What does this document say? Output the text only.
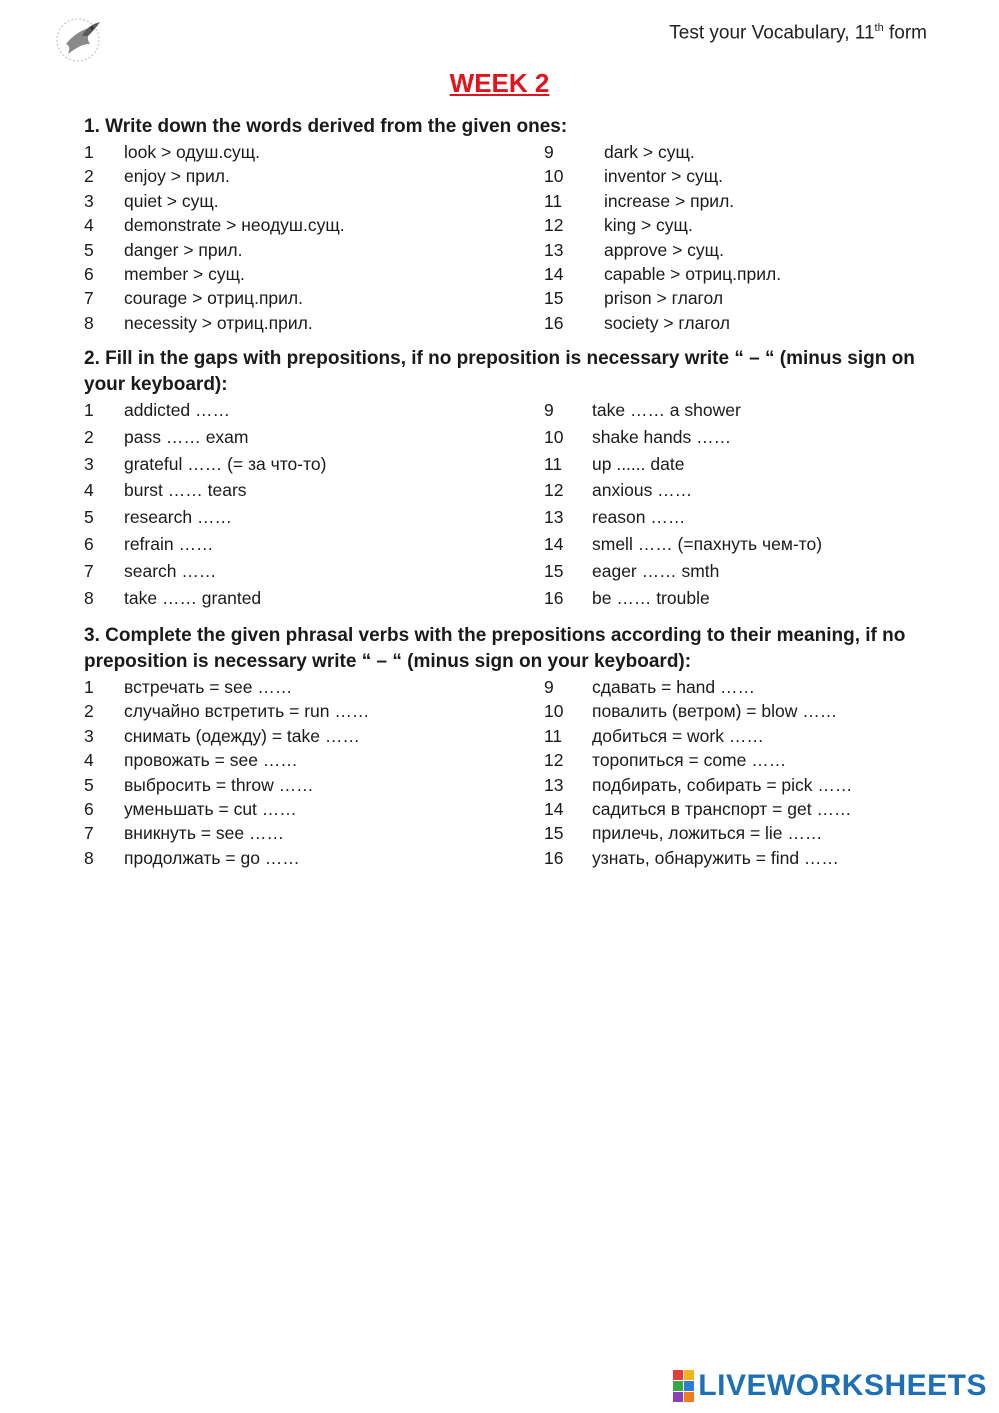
Test your Vocabulary, 11th form
WEEK 2
1. Write down the words derived from the given ones:
1 look > одуш.сущ.	9	dark > сущ.
2 enjoy > прил.	10 inventor > сущ.
3 quiet > сущ.	11 increase > прил.
4 demonstrate > неодуш.сущ.	12 king > сущ.
5 danger > прил.	13 approve > сущ.
6 member > сущ.	14 capable > отриц.прил.
7 courage > отриц.прил.	15 prison > глагол
8 necessity > отриц.прил.	16 society > глагол
2. Fill in the gaps with prepositions, if no preposition is necessary write “ – “ (minus sign on your keyboard):
1 addicted ……	9 take …… a shower
2 pass …… exam	10 shake hands ……
3 grateful …… (= за что-то)	11 up ...... date
4 burst …… tears	12 anxious ……
5 research ……	13 reason ……
6 refrain ……	14 smell …… (=пахнуть чем-то)
7 search ……	15 eager …… smth
8 take …… granted	16 be …… trouble
3. Complete the given phrasal verbs with the prepositions according to their meaning, if no preposition is necessary write “ – “ (minus sign on your keyboard):
1 встречать = see ……	9 сдавать = hand ……
2 случайно встретить = run ……	10 повалить (ветром) = blow ……
3 снимать (одежду) = take ……	11 добиться = work ……
4 провожать = see ……	12 торопиться = come ……
5 выбросить = throw ……	13 подбирать, собирать = pick ……
6 уменьшать = cut ……	14 садиться в транспорт = get ……
7 вникнуть = see ……	15 прилечь, ложиться = lie ……
8 продолжать = go ……	16 узнать, обнаружить = find ……
LIVEWORKSHEETS
